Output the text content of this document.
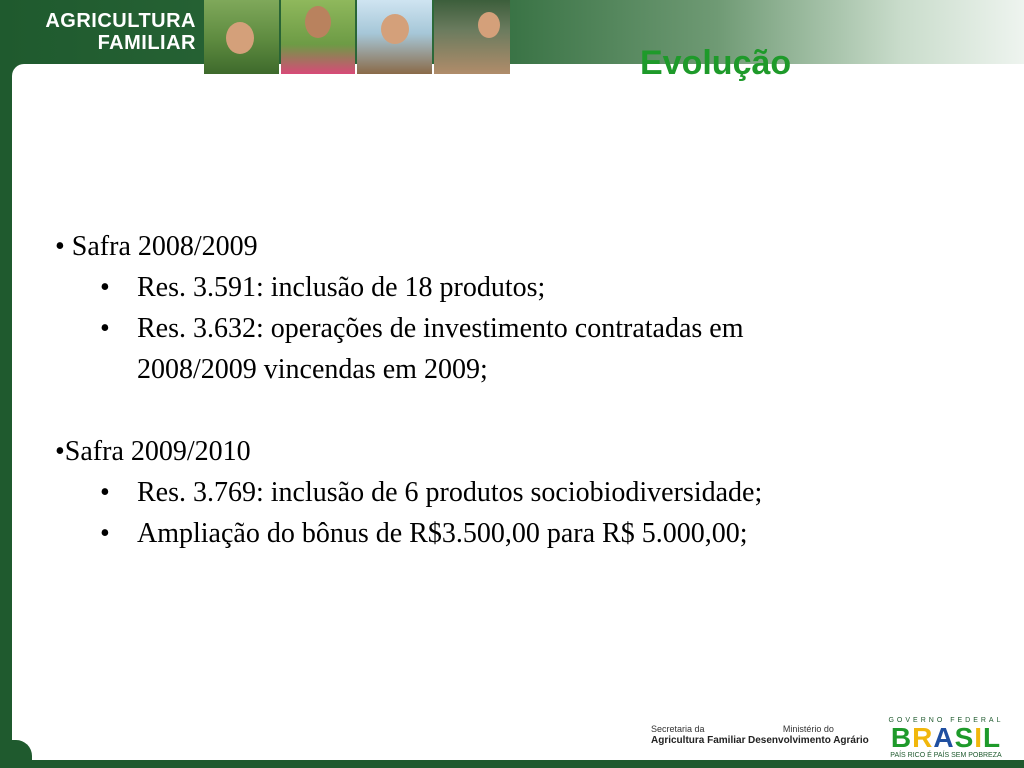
AGRICULTURA
FAMILIAR
Evolução

• Safra 2008/2009

• Res. 3.591: inclusão de 18 produtos;

• Res. 3.632: operações de investimento contratadas em

2008/2009 vincendas em 2009;

•Safra 2009/2010

• Res. 3.769: inclusão de 6 produtos sociobiodiversidade;

• Ampliação do bônus de R$3.500,00 para R$ 5.000,00;

Secretaria da
Agricultura Familiar
Ministério do
Desenvolvimento Agrário
GOVERNO FEDERAL
BRASIL
PAÍS RICO É PAÍS SEM POBREZA
